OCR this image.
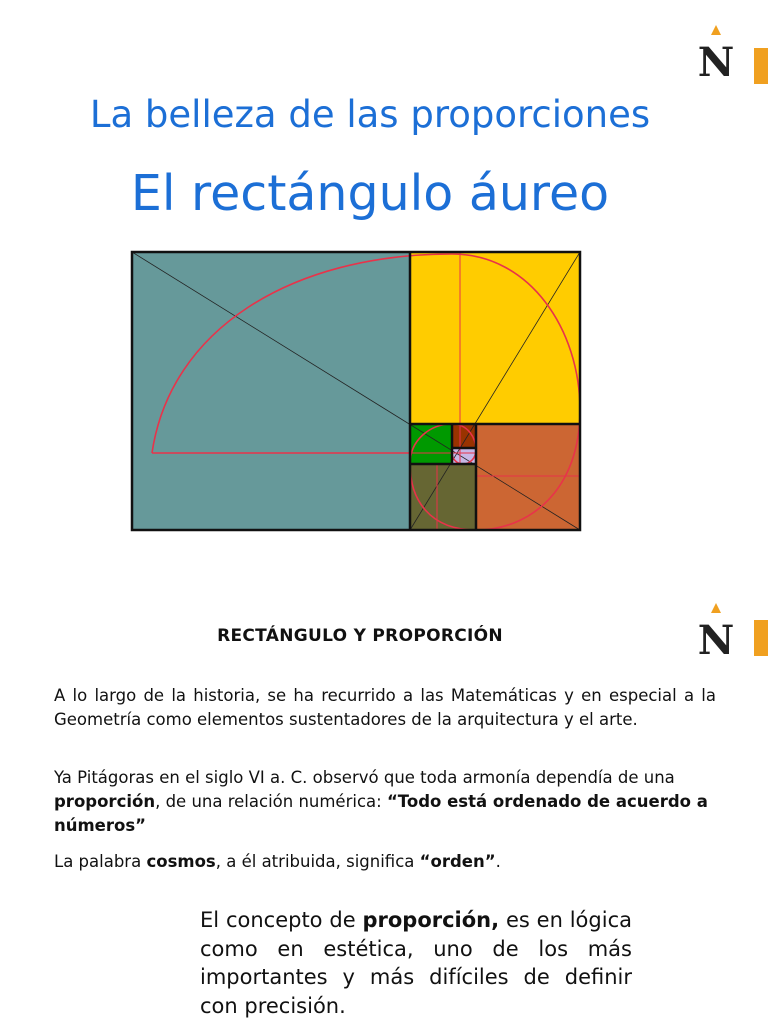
N
La belleza de las proporciones
El rectángulo áureo
N
RECTÁNGULO Y PROPORCIÓN

A lo largo de la historia, se ha recurrido a las Matemáticas y en especial a la Geometría como elementos sustentadores de la arquitectura y el arte.

Ya Pitágoras en el siglo VI a. C. observó que toda armonía dependía de una proporción, de una relación numérica: “Todo está ordenado de acuerdo a números”

La palabra cosmos, a él atribuida, significa “orden”.

El concepto de proporción, es en lógica como en estética, uno de los más importantes y más difíciles de definir con precisión.
